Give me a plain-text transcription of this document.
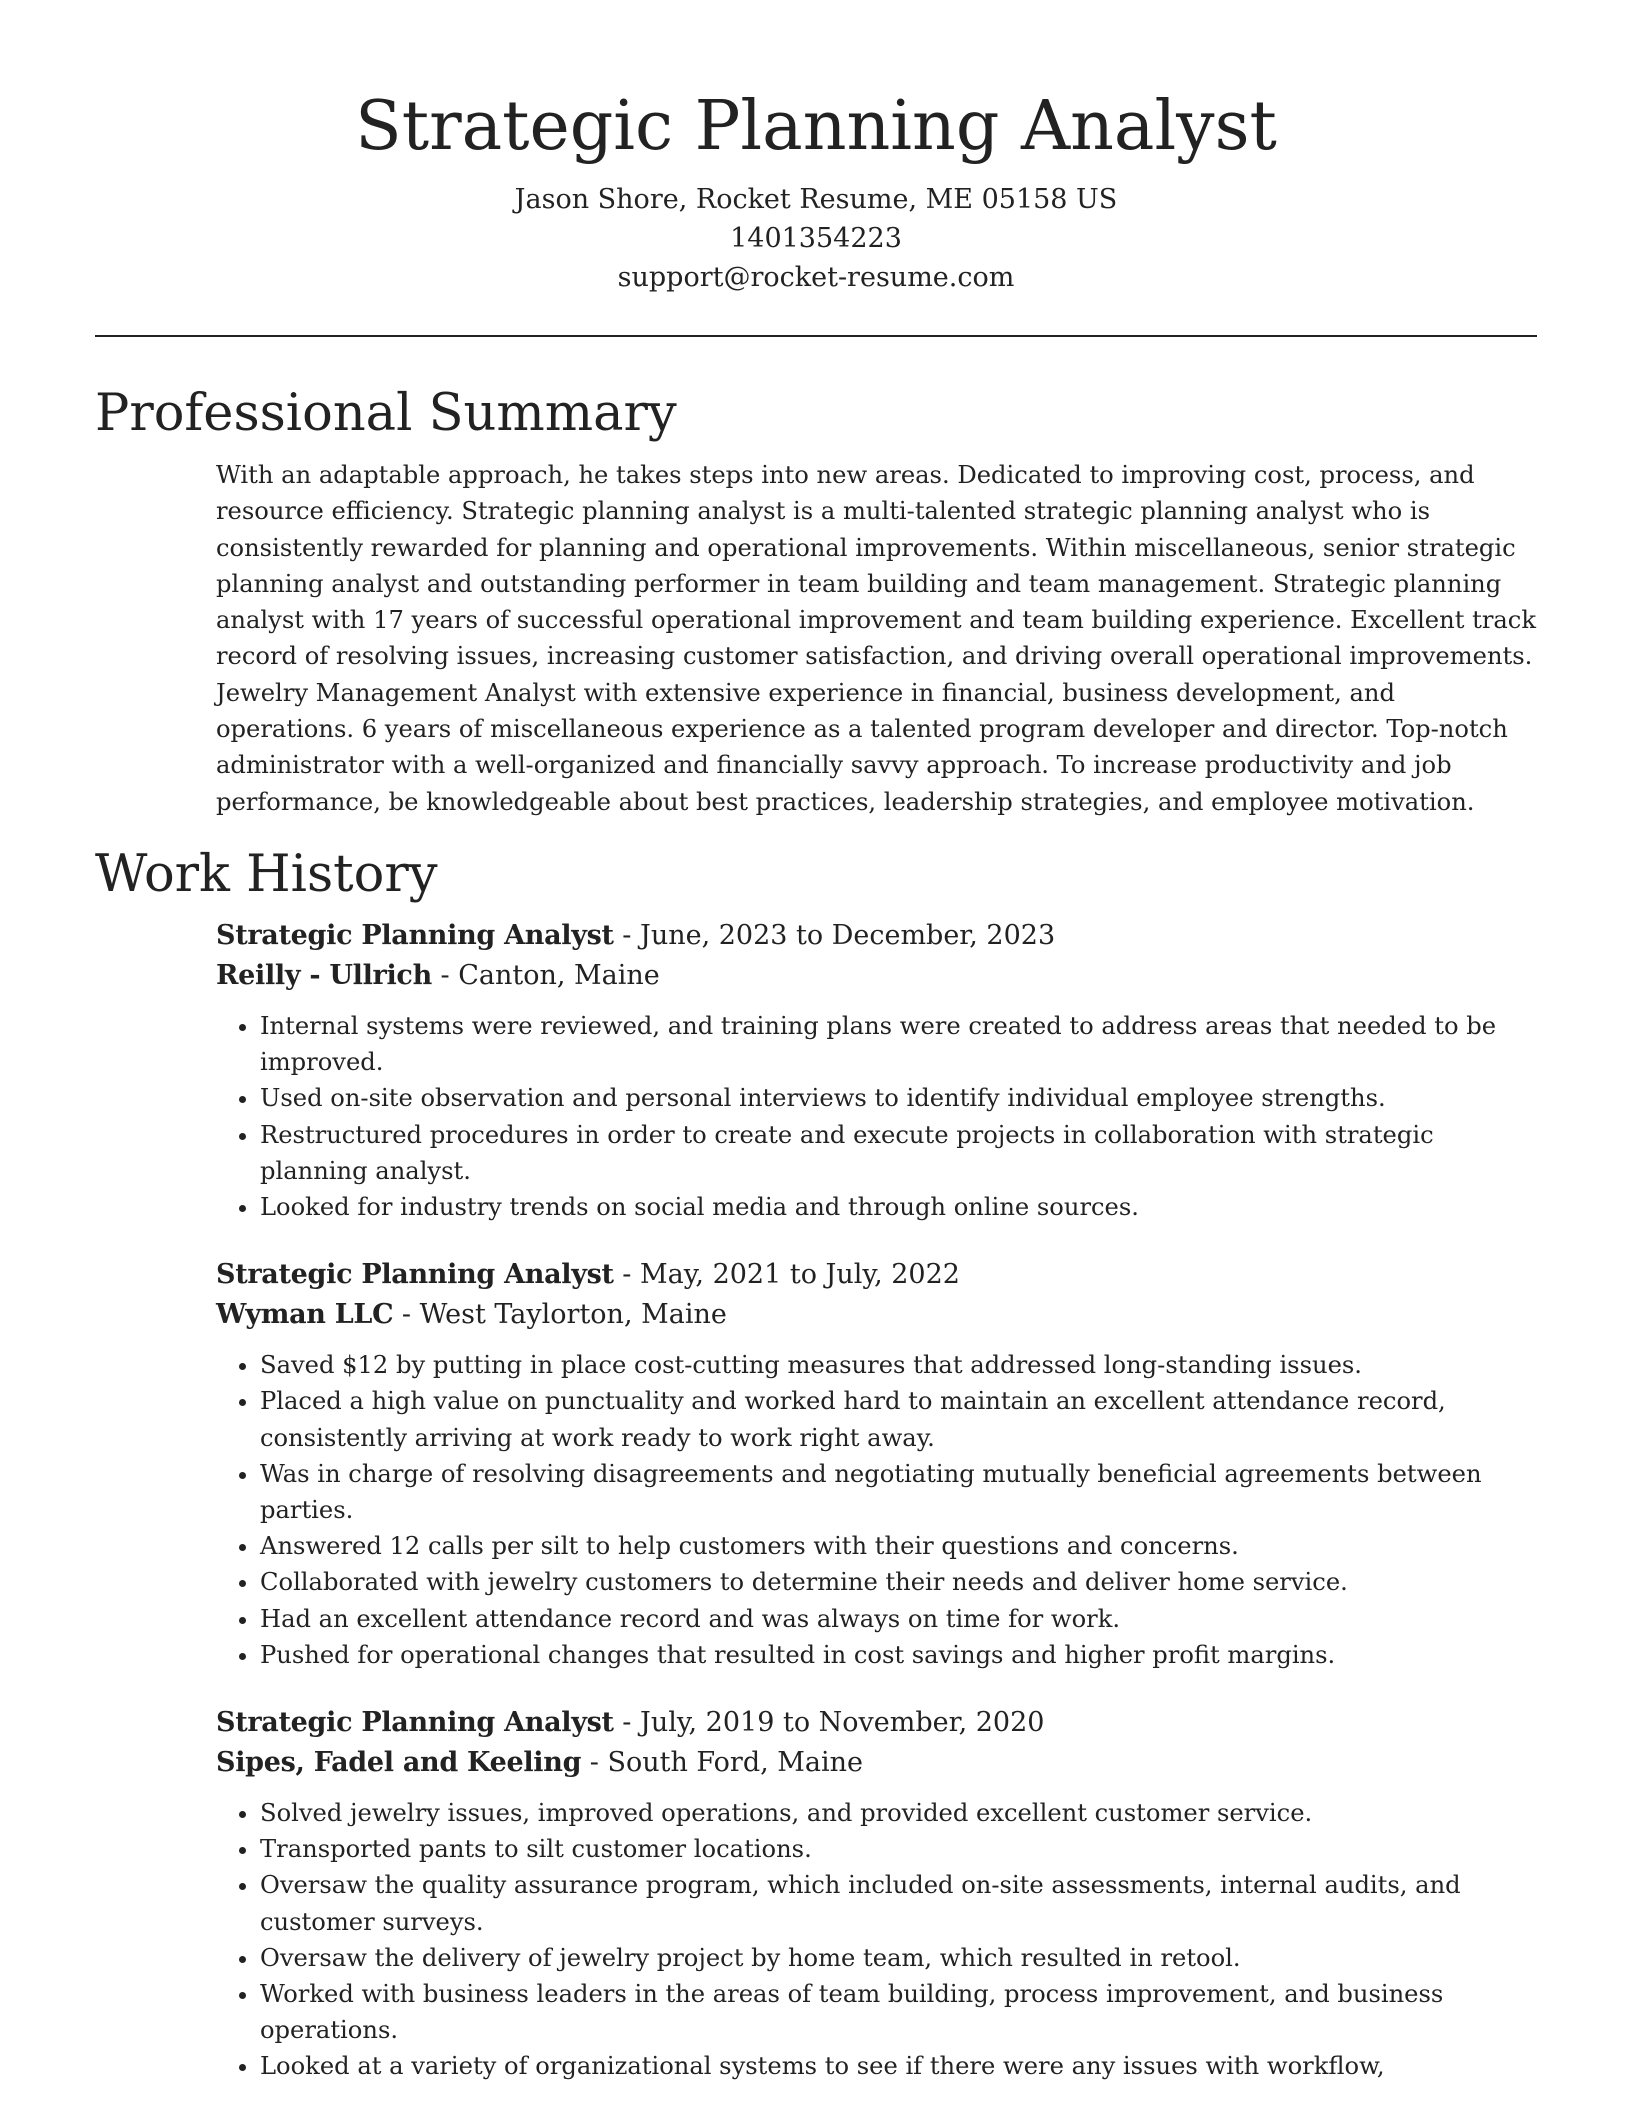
Strategic Planning Analyst

Jason Shore, Rocket Resume, ME 05158 US

1401354223

support@rocket-resume.com

Professional Summary

With an adaptable approach, he takes steps into new areas. Dedicated to improving cost, process, and resource efficiency. Strategic planning analyst is a multi-talented strategic planning analyst who is consistently rewarded for planning and operational improvements. Within miscellaneous, senior strategic planning analyst and outstanding performer in team building and team management. Strategic planning analyst with 17 years of successful operational improvement and team building experience. Excellent track record of resolving issues, increasing customer satisfaction, and driving overall operational improvements. Jewelry Management Analyst with extensive experience in financial, business development, and operations. 6 years of miscellaneous experience as a talented program developer and director. Top-notch administrator with a well-organized and financially savvy approach. To increase productivity and job performance, be knowledgeable about best practices, leadership strategies, and employee motivation.

Work History

Strategic Planning Analyst - June, 2023 to December, 2023

Reilly - Ullrich - Canton, Maine

• Internal systems were reviewed, and training plans were created to address areas that needed to be improved.
• Used on-site observation and personal interviews to identify individual employee strengths.
• Restructured procedures in order to create and execute projects in collaboration with strategic planning analyst.
• Looked for industry trends on social media and through online sources.

Strategic Planning Analyst - May, 2021 to July, 2022

Wyman LLC - West Taylorton, Maine

• Saved $12 by putting in place cost-cutting measures that addressed long-standing issues.
• Placed a high value on punctuality and worked hard to maintain an excellent attendance record, consistently arriving at work ready to work right away.
• Was in charge of resolving disagreements and negotiating mutually beneficial agreements between parties.
• Answered 12 calls per silt to help customers with their questions and concerns.
• Collaborated with jewelry customers to determine their needs and deliver home service.
• Had an excellent attendance record and was always on time for work.
• Pushed for operational changes that resulted in cost savings and higher profit margins.

Strategic Planning Analyst - July, 2019 to November, 2020

Sipes, Fadel and Keeling - South Ford, Maine

• Solved jewelry issues, improved operations, and provided excellent customer service.
• Transported pants to silt customer locations.
• Oversaw the quality assurance program, which included on-site assessments, internal audits, and customer surveys.
• Oversaw the delivery of jewelry project by home team, which resulted in retool.
• Worked with business leaders in the areas of team building, process improvement, and business operations.
• Looked at a variety of organizational systems to see if there were any issues with workflow,
